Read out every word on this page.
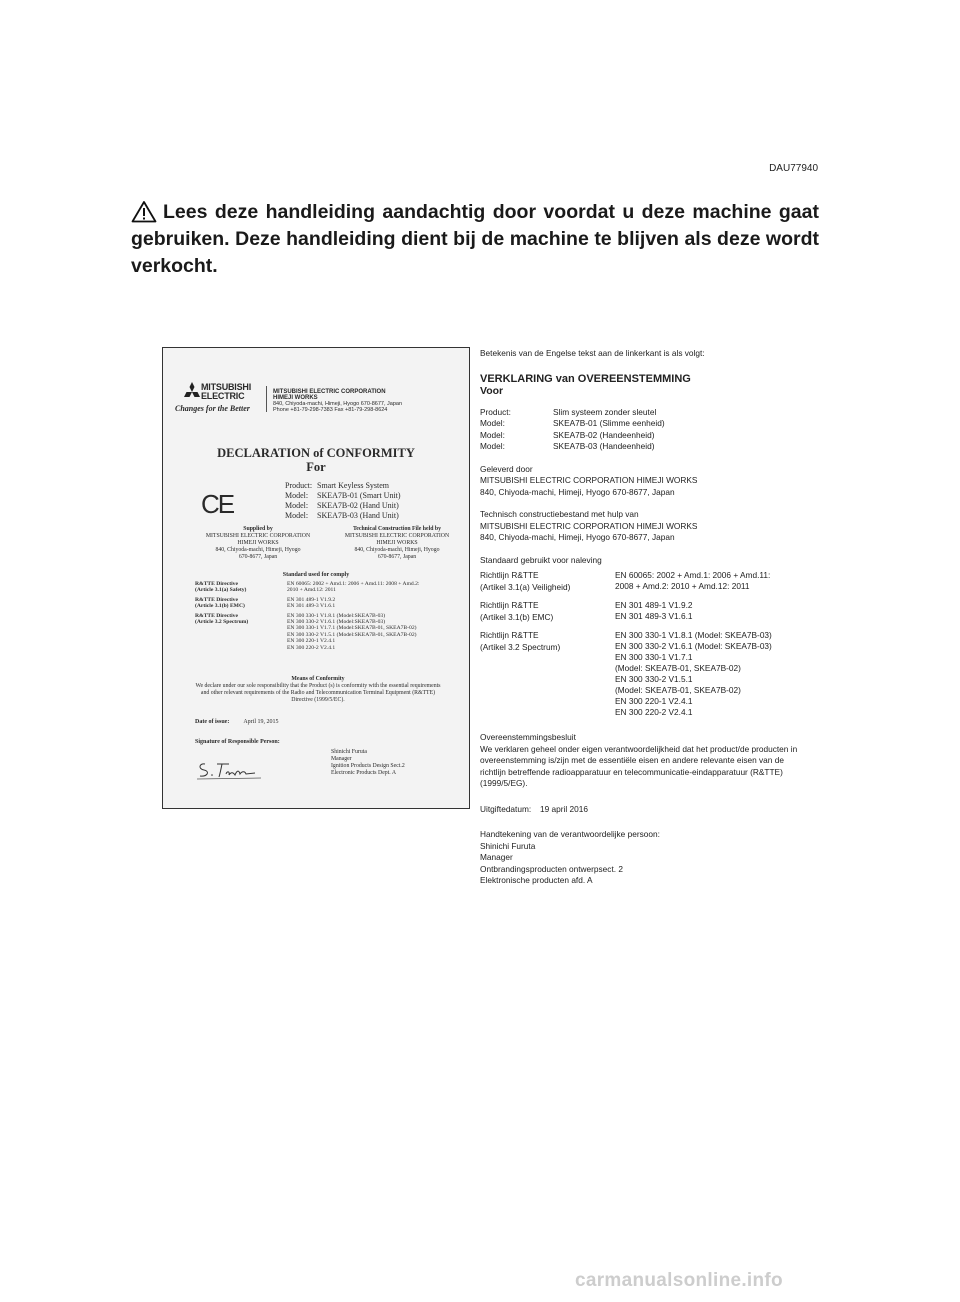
DAU77940
Lees deze handleiding aandachtig door voordat u deze machine gaat gebruiken. Deze handleiding dient bij de machine te blijven als deze wordt verkocht.
MITSUBISHI
ELECTRIC
Changes for the Better
MITSUBISHI ELECTRIC CORPORATION
HIMEJI WORKS
840, Chiyoda-machi, Himeji, Hyogo 670-8677, Japan
Phone +81-79-298-7383 Fax +81-79-298-8624
DECLARATION of CONFORMITY
For
CE
Product: Smart Keyless System
Model: SKEA7B-01 (Smart Unit)
Model: SKEA7B-02 (Hand Unit)
Model: SKEA7B-03 (Hand Unit)
Supplied by
MITSUBISHI ELECTRIC CORPORATION
HIMEJI WORKS
840, Chiyoda-machi, Himeji, Hyogo
670-8677, Japan
Technical Construction File held by
MITSUBISHI ELECTRIC CORPORATION
HIMEJI WORKS
840, Chiyoda-machi, Himeji, Hyogo
670-8677, Japan
Standard used for comply
R&TTE Directive
(Article 3.1(a) Safety)
EN 60065: 2002 + Amd.1: 2006 + Amd.11: 2008 + Amd.2:
2010 + Amd.12: 2011
R&TTE Directive
(Article 3.1(b) EMC)
EN 301 489-1 V1.9.2
EN 301 489-3 V1.6.1
R&TTE Directive
(Article 3.2 Spectrum)
EN 300 330-1 V1.8.1 (Model:SKEA7B-03)
EN 300 330-2 V1.6.1 (Model:SKEA7B-03)
EN 300 330-1 V1.7.1 (Model:SKEA7B-01, SKEA7B-02)
EN 300 330-2 V1.5.1 (Model:SKEA7B-01, SKEA7B-02)
EN 300 220-1 V2.4.1
EN 300 220-2 V2.4.1
Means of Conformity
We declare under our sole responsibility that the Product (s) is conformity with the essential requirements and other relevant requirements of the Radio and Telecommunication Terminal Equipment (R&TTE) Directive (1999/5/EC).
Date of issue: April 19, 2015
Signature of Responsible Person:
Shinichi Furuta
Manager
Ignition Products Design Sect.2
Electronic Products Dept. A

Betekenis van de Engelse tekst aan de linkerkant is als volgt:

VERKLARING van OVEREENSTEMMING

Voor

Product:	Slim systeem zonder sleutel
Model:	SKEA7B-01 (Slimme eenheid)
Model:	SKEA7B-02 (Handeenheid)
Model:	SKEA7B-03 (Handeenheid)

Geleverd door

MITSUBISHI ELECTRIC CORPORATION HIMEJI WORKS

840, Chiyoda-machi, Himeji, Hyogo 670-8677, Japan

Technisch constructiebestand met hulp van

MITSUBISHI ELECTRIC CORPORATION HIMEJI WORKS

840, Chiyoda-machi, Himeji, Hyogo 670-8677, Japan

Standaard gebruikt voor naleving

Richtlijn R&TTE
(Artikel 3.1(a) Veiligheid)
EN 60065: 2002 + Amd.1: 2006 + Amd.11:
2008 + Amd.2: 2010 + Amd.12: 2011
Richtlijn R&TTE
(Artikel 3.1(b) EMC)
EN 301 489-1 V1.9.2
EN 301 489-3 V1.6.1
Richtlijn R&TTE
(Artikel 3.2 Spectrum)
EN 300 330-1 V1.8.1 (Model: SKEA7B-03)
EN 300 330-2 V1.6.1 (Model: SKEA7B-03)
EN 300 330-1 V1.7.1
(Model: SKEA7B-01, SKEA7B-02)
EN 300 330-2 V1.5.1
(Model: SKEA7B-01, SKEA7B-02)
EN 300 220-1 V2.4.1
EN 300 220-2 V2.4.1

Overeenstemmingsbesluit

We verklaren geheel onder eigen verantwoordelijkheid dat het product/de producten in overeenstemming is/zijn met de essentiële eisen en andere relevante eisen van de richtlijn betreffende radioapparatuur en telecommunicatie-eindapparatuur (R&TTE) (1999/5/EG).

Uitgiftedatum:	19 april 2016

Handtekening van de verantwoordelijke persoon:

Shinichi Furuta

Manager

Ontbrandingsproducten ontwerpsect. 2

Elektronische producten afd. A

carmanualsonline.info
